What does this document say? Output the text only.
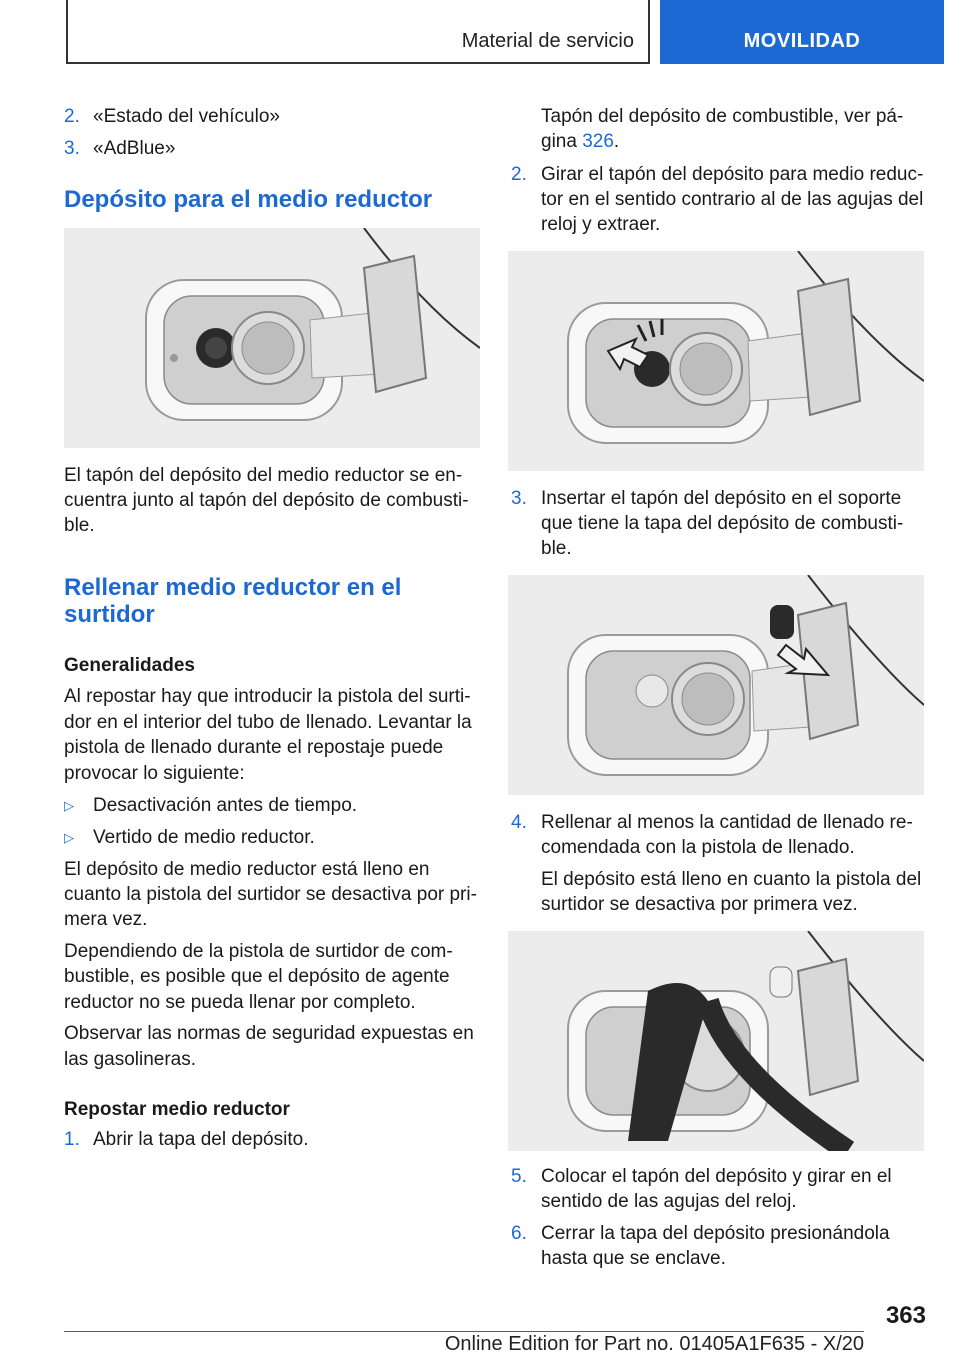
Material de servicio	MOVILIDAD
2. «Estado del vehículo»
3. «AdBlue»
Depósito para el medio reductor
El tapón del depósito del medio reductor se en-
cuentra junto al tapón del depósito de combusti-
ble.
Rellenar medio reductor en el
surtidor
Generalidades
Al repostar hay que introducir la pistola del surti-
dor en el interior del tubo de llenado. Levantar la
pistola de llenado durante el repostaje puede
provocar lo siguiente:
▷ Desactivación antes de tiempo.
▷ Vertido de medio reductor.
El depósito de medio reductor está lleno en
cuanto la pistola del surtidor se desactiva por pri-
mera vez.
Dependiendo de la pistola de surtidor de com-
bustible, es posible que el depósito de agente
reductor no se pueda llenar por completo.
Observar las normas de seguridad expuestas en
las gasolineras.
Repostar medio reductor
1. Abrir la tapa del depósito.
Tapón del depósito de combustible, ver pá-
gina 326.
2. Girar el tapón del depósito para medio reduc-
tor en el sentido contrario al de las agujas del
reloj y extraer.
3. Insertar el tapón del depósito en el soporte
que tiene la tapa del depósito de combusti-
ble.
4. Rellenar al menos la cantidad de llenado re-
comendada con la pistola de llenado.
El depósito está lleno en cuanto la pistola del
surtidor se desactiva por primera vez.
5. Colocar el tapón del depósito y girar en el
sentido de las agujas del reloj.
6. Cerrar la tapa del depósito presionándola
hasta que se enclave.
363
Online Edition for Part no. 01405A1F635 - X/20
